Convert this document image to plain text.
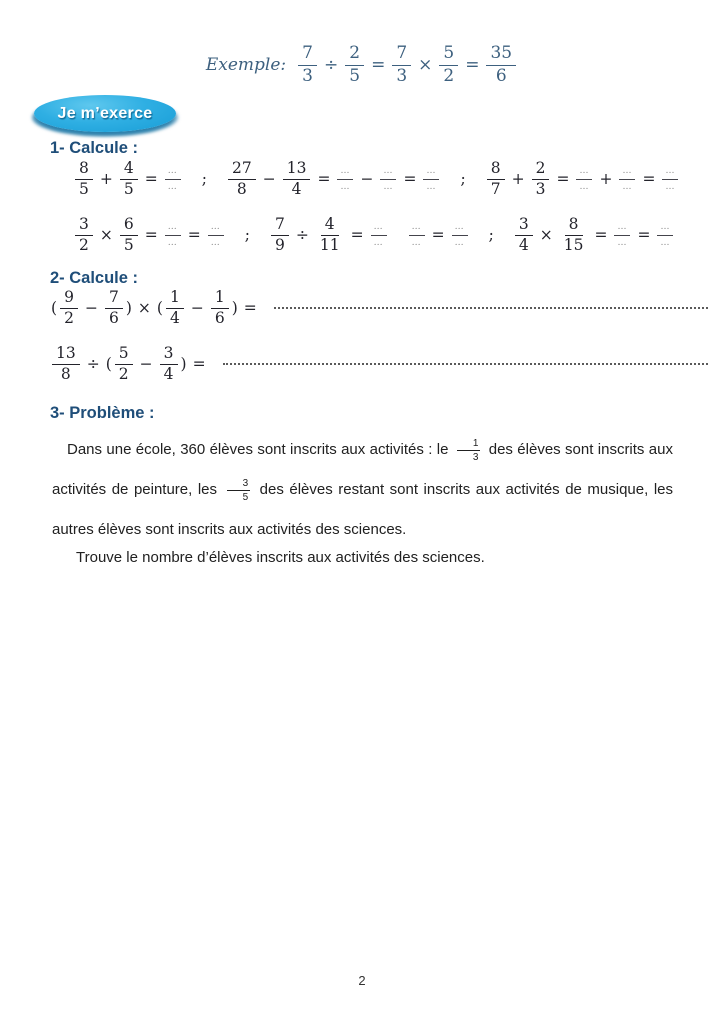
Exemple: $\frac{7}{3} \div \frac{2}{5} = \frac{7}{3} \times \frac{5}{2} = \frac{35}{6}$
Je m’exerce
1- Calcule :
$\frac{8}{5} + \frac{4}{5} = \frac{\dots}{\dots}$ ; $\frac{27}{8} - \frac{13}{4} = \frac{\dots}{\dots} - \frac{\dots}{\dots} = \frac{\dots}{\dots}$ ; $\frac{8}{7} + \frac{2}{3} = \frac{\dots}{\dots} + \frac{\dots}{\dots} = \frac{\dots}{\dots}$
$\frac{3}{2} \times \frac{6}{5} = \frac{\dots}{\dots} = \frac{\dots}{\dots}$ ; $\frac{7}{9} \div \frac{4}{11} = \frac{\dots}{\dots} \frac{\dots}{\dots} = \frac{\dots}{\dots}$ ; $\frac{3}{4} \times \frac{8}{15} = \frac{\dots}{\dots} = \frac{\dots}{\dots}$
2- Calcule :
( $\frac{9}{2} - \frac{7}{6}$ ) × ( $\frac{1}{4} - \frac{1}{6}$ ) =
$\frac{13}{8}$ ÷ ( $\frac{5}{2} - \frac{3}{4}$ ) =
3- Problème :
Dans une école, 360 élèves sont inscrits aux activités : le $\frac{1}{3}$ des élèves sont inscrits aux activités de peinture, les $\frac{3}{5}$ des élèves restant sont inscrits aux activités de musique, les autres élèves sont inscrits aux activités des sciences.
Trouve le nombre d’élèves inscrits aux activités des sciences.
2
